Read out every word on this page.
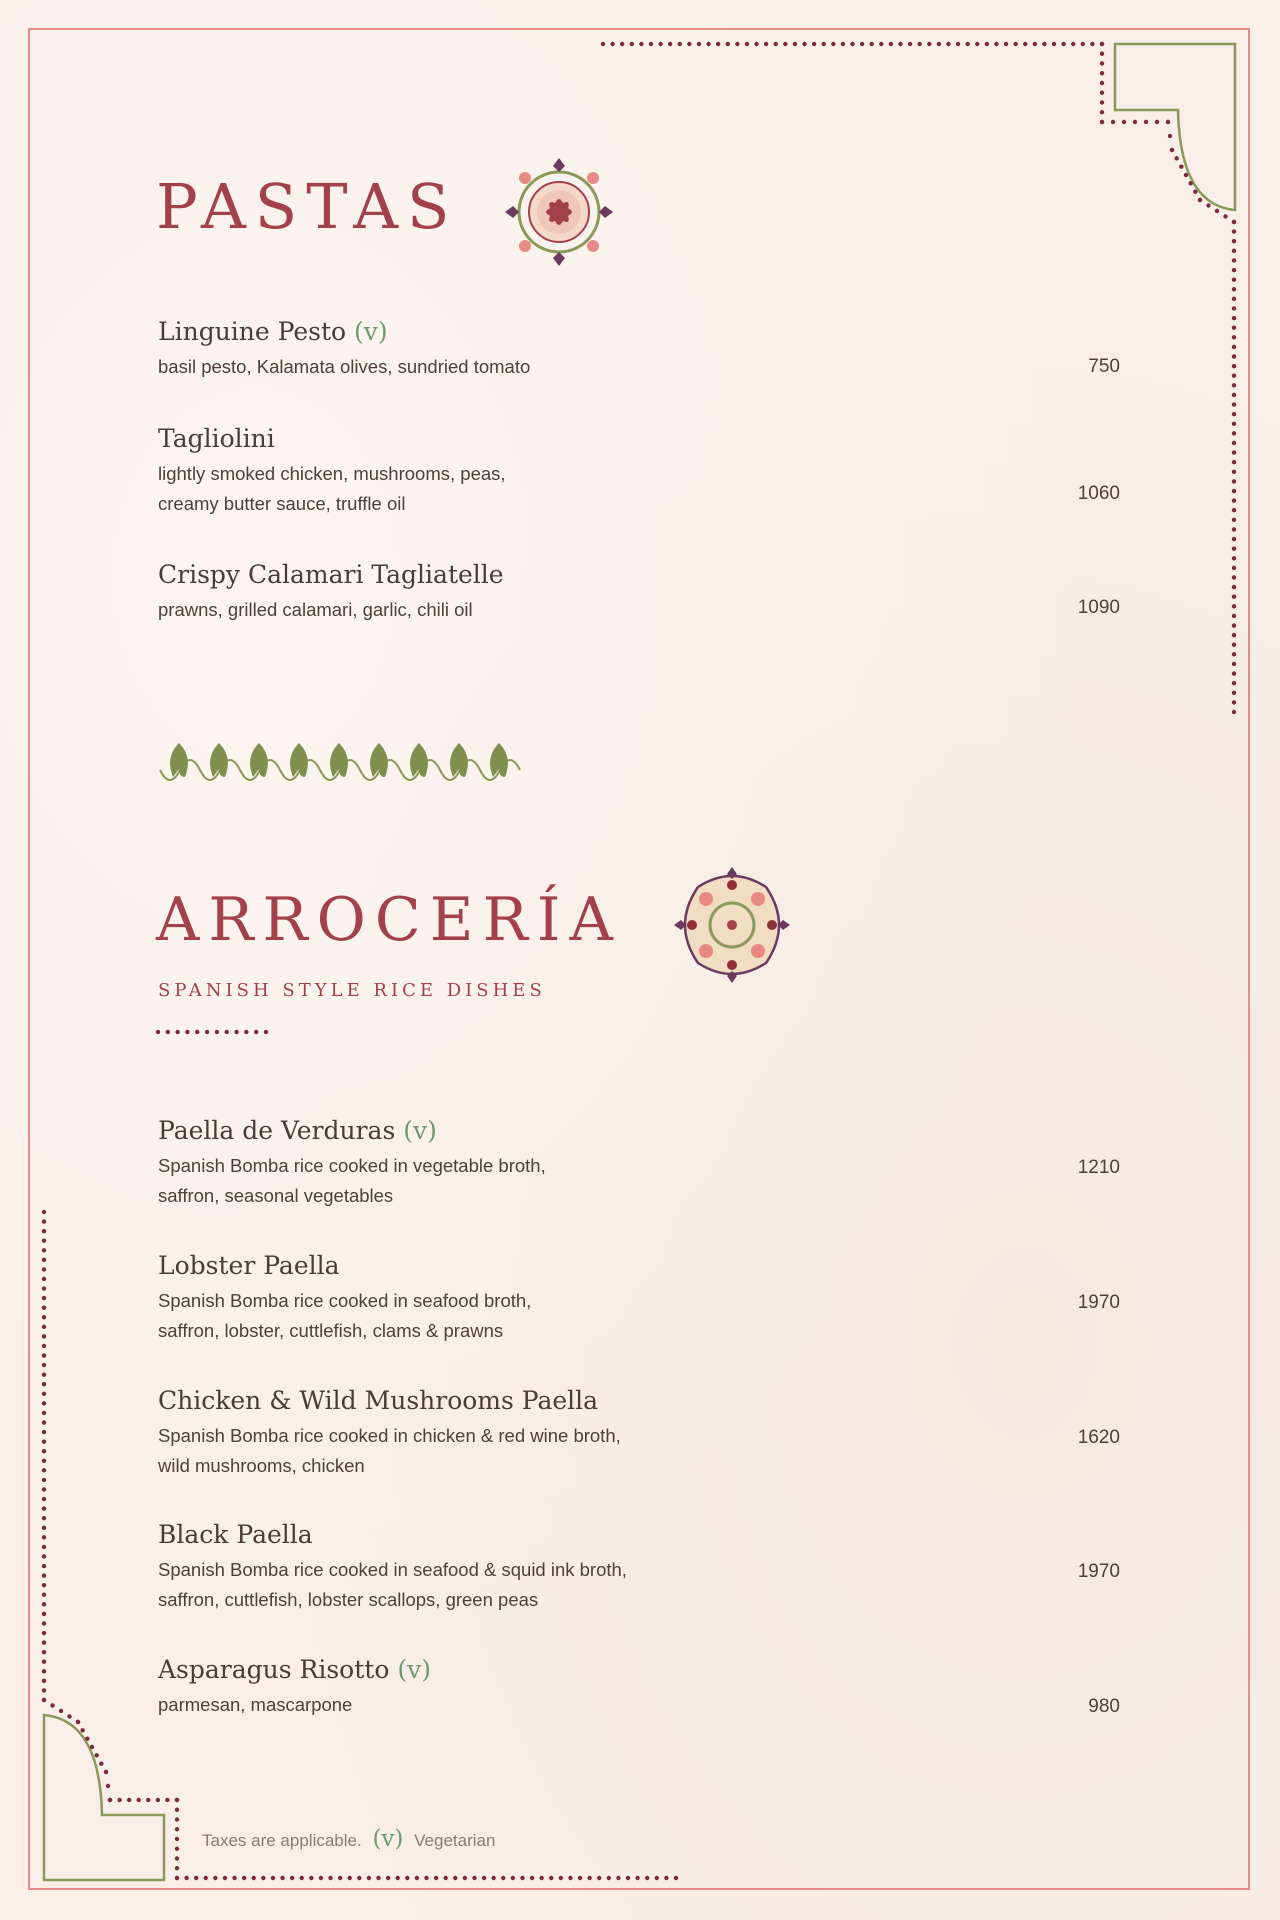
PASTAS
Linguine Pesto (v)
basil pesto, Kalamata olives, sundried tomato	750
Tagliolini
lightly smoked chicken, mushrooms, peas,
creamy butter sauce, truffle oil	1060
Crispy Calamari Tagliatelle
prawns, grilled calamari, garlic, chili oil	1090
ARROCERÍA

SPANISH STYLE RICE DISHES

Paella de Verduras (v)
Spanish Bomba rice cooked in vegetable broth,
saffron, seasonal vegetables
1210
Lobster Paella
Spanish Bomba rice cooked in seafood broth,
saffron, lobster, cuttlefish, clams & prawns
1970
Chicken & Wild Mushrooms Paella
Spanish Bomba rice cooked in chicken & red wine broth,
wild mushrooms, chicken
1620
Black Paella
Spanish Bomba rice cooked in seafood & squid ink broth,
saffron, cuttlefish, lobster scallops, green peas
1970
Asparagus Risotto (v)
parmesan, mascarpone	980
Taxes are applicable. (v) Vegetarian
